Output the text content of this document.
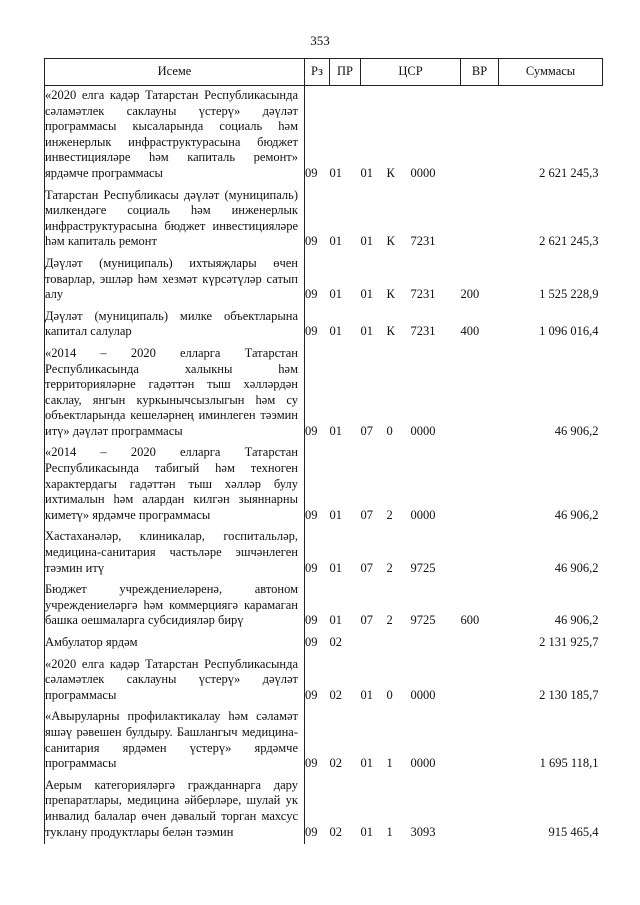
353
Исеме	Рз	ПР	ЦСР			ВР	Суммасы
«2020 елга кадәр Татарстан Республикасында сәламәтлек саклауны үстерү» дәүләт программасы кысаларында социаль һәм инженерлык инфраструктурасына бюджет инвестицияләре һәм капиталь ремонт» ярдәмче программасы	09	01	01	К	0000		2 621 245,3
Татарстан Республикасы дәүләт (муниципаль) милкендәге социаль һәм инженерлык инфраструктурасына бюджет инвестицияләре һәм капиталь ремонт	09	01	01	К	7231		2 621 245,3
Дәүләт (муниципаль) ихтыяҗлары өчен товарлар, эшләр һәм хезмәт күрсәтүләр сатып алу	09	01	01	К	7231	200	1 525 228,9
Дәүләт (муниципаль) милке объектларына капитал салулар	09	01	01	К	7231	400	1 096 016,4
«2014 – 2020 елларга Татарстан Республикасында халыкны һәм территорияләрне гадәттән тыш хәлләрдән саклау, янгын куркынычсызлыгын һәм су объектларында кешеләрнең иминлеген тәэмин итү» дәүләт программасы	09	01	07	0	0000		46 906,2
«2014 – 2020 елларга Татарстан Республикасында табигый һәм техноген характердагы гадәттән тыш хәлләр булу ихтималын һәм алардан килгән зыяннарны киметү» ярдәмче программасы	09	01	07	2	0000		46 906,2
Хастаханәләр, клиникалар, госпитальләр, медицина-санитария частьләре эшчәнлеген тәэмин итү	09	01	07	2	9725		46 906,2
Бюджет учреждениеләренә, автоном учреждениеләргә һәм коммерциягә карамаган башка оешмаларга субсидияләр бирү	09	01	07	2	9725	600	46 906,2
Амбулатор ярдәм	09	02					2 131 925,7
«2020 елга кадәр Татарстан Республикасында сәламәтлек саклауны үстерү» дәүләт программасы	09	02	01	0	0000		2 130 185,7
«Авыруларны профилактикалау һәм сәламәт яшәү рәвешен булдыру. Башлангыч медицина-санитария ярдәмен үстерү» ярдәмче программасы	09	02	01	1	0000		1 695 118,1
Аерым категорияләргә гражданнарга дару препаратлары, медицина әйберләре, шулай ук инвалид балалар өчен дәвалый торган махсус туклану продуктлары белән тәэмин	09	02	01	1	3093		915 465,4
